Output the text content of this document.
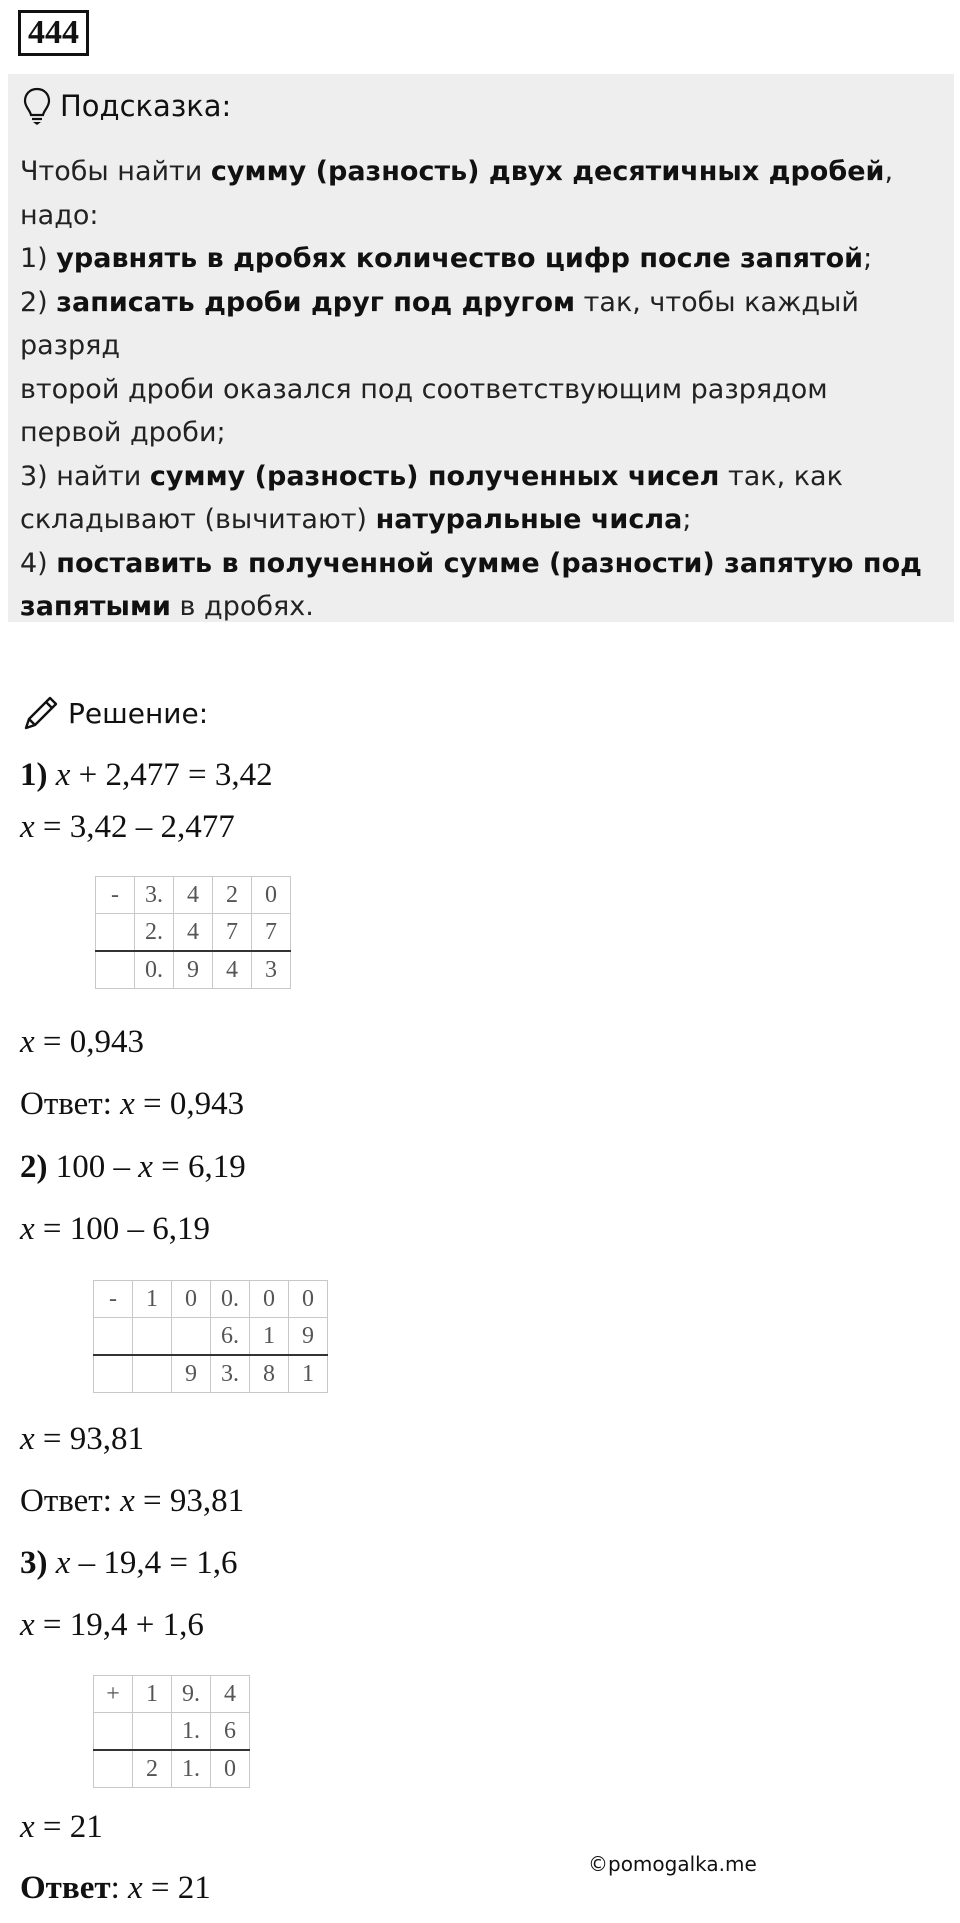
444
Подсказка:

Чтобы найти сумму (разность) двух десятичных дробей,
надо:

1) уравнять в дробях количество цифр после запятой;

2) записать дроби друг под другом так, чтобы каждый разряд
второй дроби оказался под соответствующим разрядом
первой дроби;

3) найти сумму (разность) полученных чисел так, как
складывают (вычитают) натуральные числа;

4) поставить в полученной сумме (разности) запятую под
запятыми в дробях.

Решение:
1) x + 2,477 = 3,42
x = 3,42 – 2,477
-	3.	4	2	0
	2.	4	7	7
	0.	9	4	3
x = 0,943
Ответ: x = 0,943
2) 100 – x = 6,19
x = 100 – 6,19
-	1	0	0.	0	0
			6.	1	9
		9	3.	8	1
x = 93,81
Ответ: x = 93,81
3) x – 19,4 = 1,6
x = 19,4 + 1,6
+	1	9.	4
		1.	6
	2	1.	0
x = 21
Ответ: x = 21
©pomogalka.me
